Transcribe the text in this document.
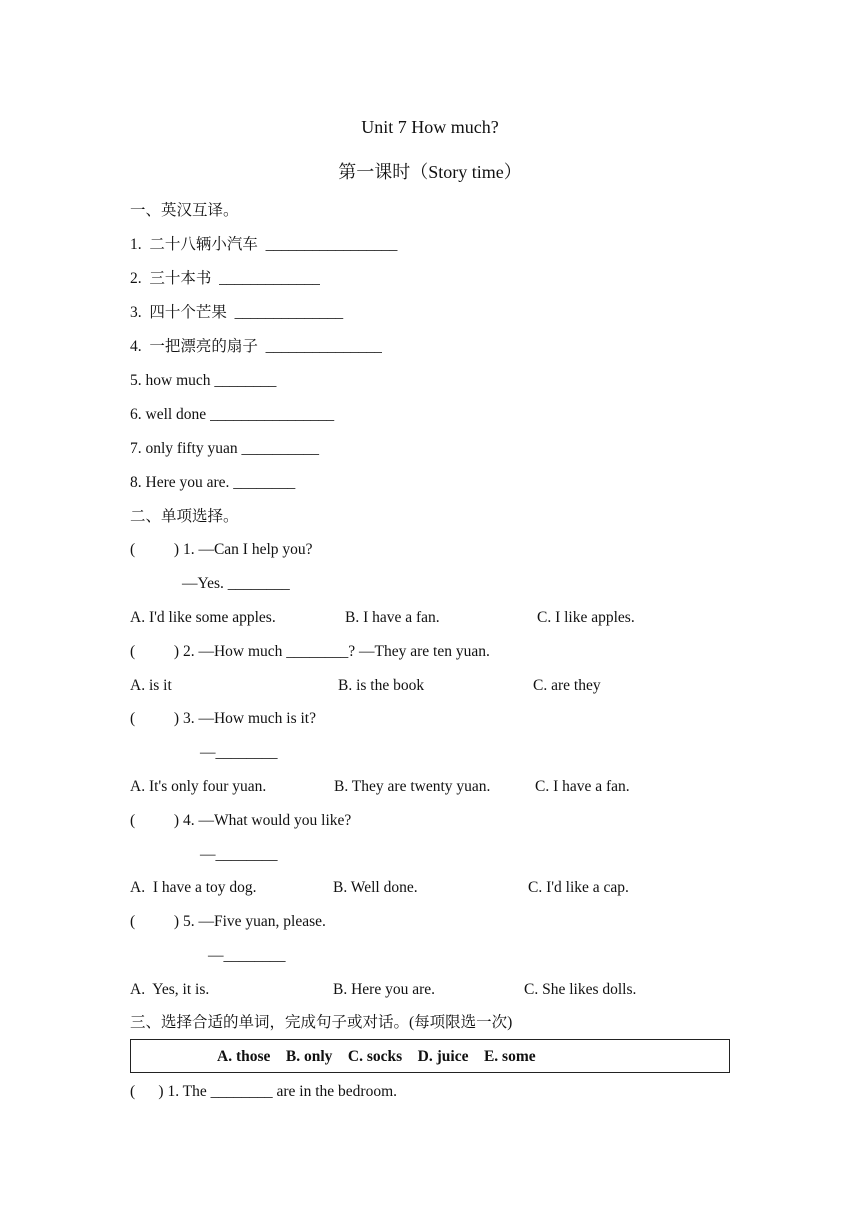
Unit 7 How much?
第一课时（Story time）
一、英汉互译。
1.  二十八辆小汽车  _________________
2.  三十本书  _____________
3.  四十个芒果  ______________
4.  一把漂亮的扇子  _______________
5. how much ________
6. well done ________________
7. only fifty yuan __________
8. Here you are. ________
二、单项选择。
(          ) 1. —Can I help you?
—Yes. ________
A. I'd like some apples.	B. I have a fan.	C. I like apples.
(          ) 2. —How much ________? —They are ten yuan.
A. is it	B. is the book	C. are they
(          ) 3. —How much is it?
—________
A. It's only four yuan.	B. They are twenty yuan.	C. I have a fan.
(          ) 4. —What would you like?
—________
A.  I have a toy dog.	B. Well done.	C. I'd like a cap.
(          ) 5. —Five yuan, please.
—________
A.  Yes, it is.	B. Here you are.	C. She likes dolls.
三、选择合适的单词，完成句子或对话。(每项限选一次)
A. those    B. only    C. socks    D. juice    E. some
(      ) 1. The ________ are in the bedroom.
